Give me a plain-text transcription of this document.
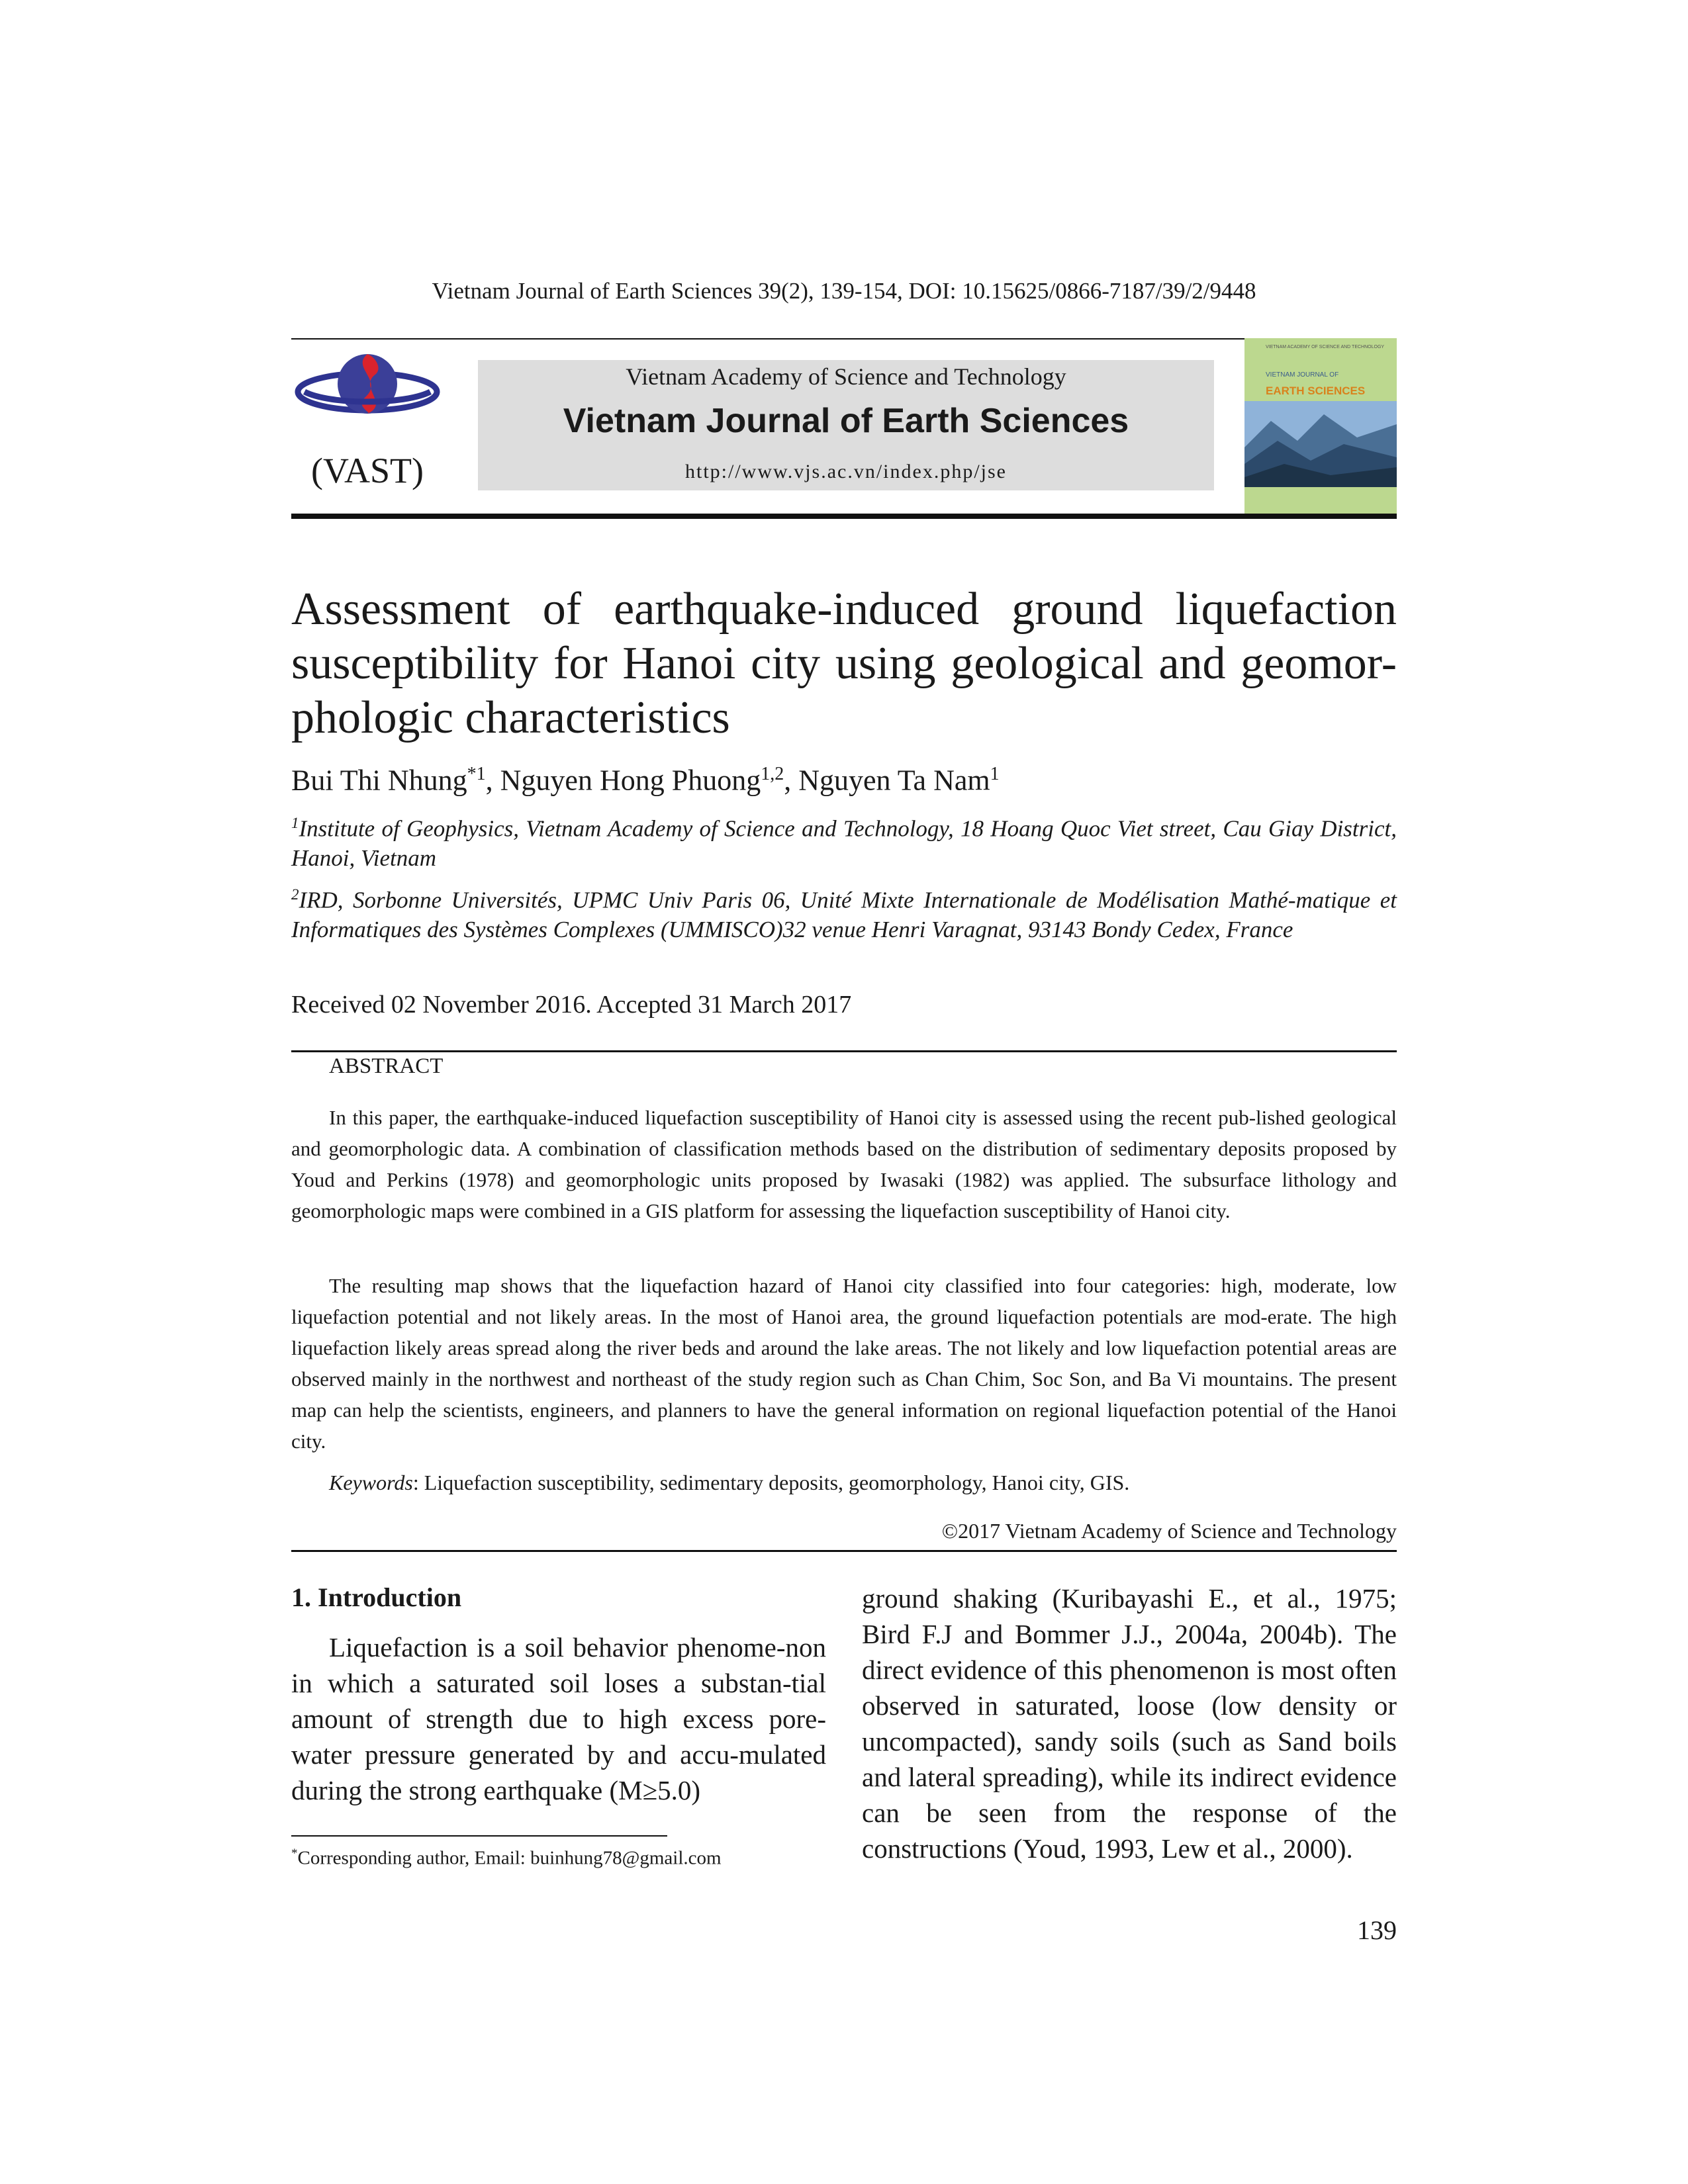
Vietnam Journal of Earth Sciences 39(2), 139-154, DOI: 10.15625/0866-7187/39/2/9448
(VAST)
Vietnam Academy of Science and Technology
Vietnam Journal of Earth Sciences
http://www.vjs.ac.vn/index.php/jse
VIETNAM ACADEMY OF SCIENCE AND TECHNOLOGY
VIETNAM JOURNAL OF
EARTH SCIENCES
Assessment of earthquake-induced ground liquefaction
susceptibility for Hanoi city using geological and geomor-phologic characteristics
Bui Thi Nhung$^{*1}$, Nguyen Hong Phuong$^{1,2}$, Nguyen Ta Nam$^1$
$^1$Institute of Geophysics, Vietnam Academy of Science and Technology, 18 Hoang Quoc Viet street, Cau Giay District, Hanoi, Vietnam
$^2$IRD, Sorbonne Universités, UPMC Univ Paris 06, Unité Mixte Internationale de Modélisation Mathé-matique et Informatiques des Systèmes Complexes (UMMISCO)32 venue Henri Varagnat, 93143 Bondy Cedex, France
Received 02 November 2016. Accepted 31 March 2017
ABSTRACT

In this paper, the earthquake-induced liquefaction susceptibility of Hanoi city is assessed using the recent pub-lished geological and geomorphologic data. A combination of classification methods based on the distribution of sedimentary deposits proposed by Youd and Perkins (1978) and geomorphologic units proposed by Iwasaki (1982) was applied. The subsurface lithology and geomorphologic maps were combined in a GIS platform for assessing the liquefaction susceptibility of Hanoi city.

The resulting map shows that the liquefaction hazard of Hanoi city classified into four categories: high, moderate, low liquefaction potential and not likely areas. In the most of Hanoi area, the ground liquefaction potentials are mod-erate. The high liquefaction likely areas spread along the river beds and around the lake areas. The not likely and low liquefaction potential areas are observed mainly in the northwest and northeast of the study region such as Chan Chim, Soc Son, and Ba Vi mountains. The present map can help the scientists, engineers, and planners to have the general information on regional liquefaction potential of the Hanoi city.

Keywords: Liquefaction susceptibility, sedimentary deposits, geomorphology, Hanoi city, GIS.
©2017 Vietnam Academy of Science and Technology
1. Introduction

Liquefaction is a soil behavior phenome-non in which a saturated soil loses a substan-tial amount of strength due to high excess pore-water pressure generated by and accu-mulated during the strong earthquake (M≥5.0)

ground shaking (Kuribayashi E., et al., 1975; Bird F.J and Bommer J.J., 2004a, 2004b). The direct evidence of this phenomenon is most often observed in saturated, loose (low density or uncompacted), sandy soils (such as Sand boils and lateral spreading), while its indirect evidence can be seen from the response of the constructions (Youd, 1993, Lew et al., 2000).

*Corresponding author, Email: buinhung78@gmail.com
139
